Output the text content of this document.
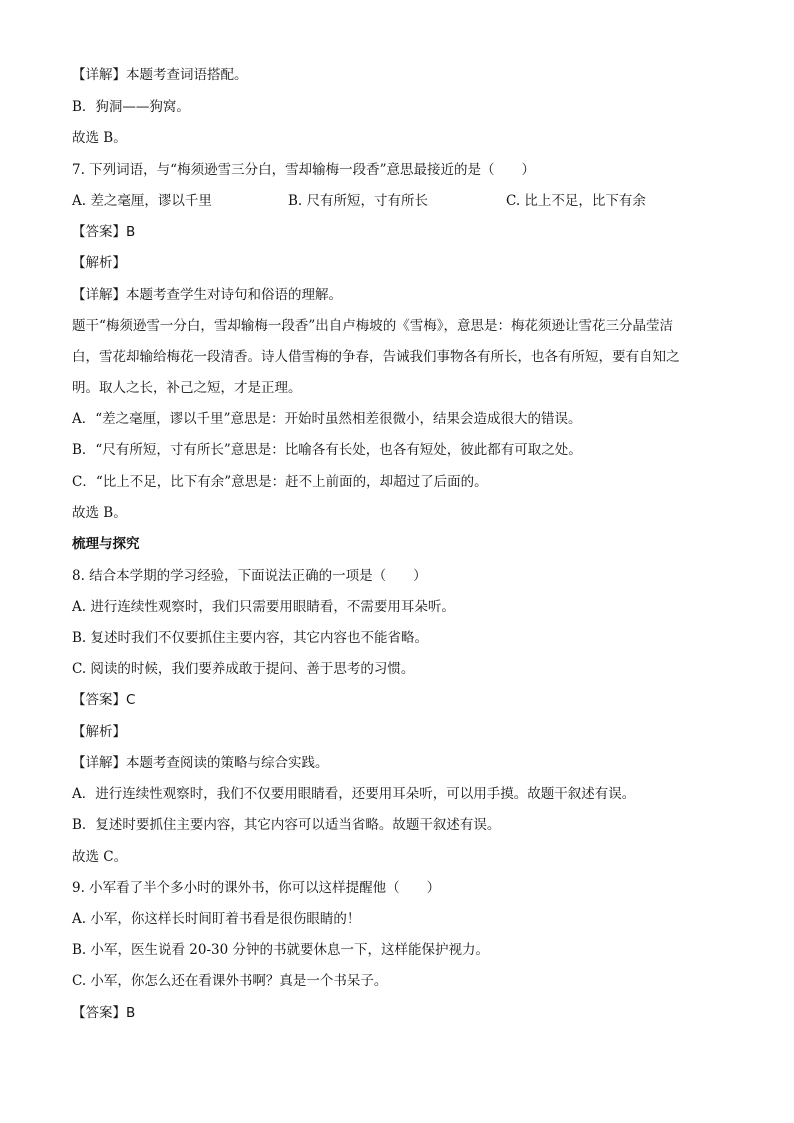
【详解】本题考查词语搭配。
B．狗洞——狗窝。
故选 B。
7. 下列词语，与“梅须逊雪三分白，雪却输梅一段香”意思最接近的是（　　）
A. 差之毫厘，谬以千里	B. 尺有所短，寸有所长	C. 比上不足，比下有余
【答案】B
【解析】
【详解】本题考查学生对诗句和俗语的理解。
题干“梅须逊雪一分白，雪却输梅一段香”出自卢梅坡的《雪梅》，意思是：梅花须逊让雪花三分晶莹洁
白，雪花却输给梅花一段清香。诗人借雪梅的争春，告诫我们事物各有所长，也各有所短，要有自知之
明。取人之长，补己之短，才是正理。
A．“差之毫厘，谬以千里”意思是：开始时虽然相差很微小，结果会造成很大的错误。
B．“尺有所短，寸有所长”意思是：比喻各有长处，也各有短处，彼此都有可取之处。
C．“比上不足，比下有余”意思是：赶不上前面的，却超过了后面的。
故选 B。
梳理与探究
8. 结合本学期的学习经验，下面说法正确的一项是（　　）
A. 进行连续性观察时，我们只需要用眼睛看，不需要用耳朵听。
B. 复述时我们不仅要抓住主要内容，其它内容也不能省略。
C. 阅读的时候，我们要养成敢于提问、善于思考的习惯。
【答案】C
【解析】
【详解】本题考查阅读的策略与综合实践。
A．进行连续性观察时，我们不仅要用眼睛看，还要用耳朵听，可以用手摸。故题干叙述有误。
B．复述时要抓住主要内容，其它内容可以适当省略。故题干叙述有误。
故选 C。
9. 小军看了半个多小时的课外书，你可以这样提醒他（　　）
A. 小军，你这样长时间盯着书看是很伤眼睛的！
B. 小军，医生说看 20-30 分钟的书就要休息一下，这样能保护视力。
C. 小军，你怎么还在看课外书啊？真是一个书呆子。
【答案】B
